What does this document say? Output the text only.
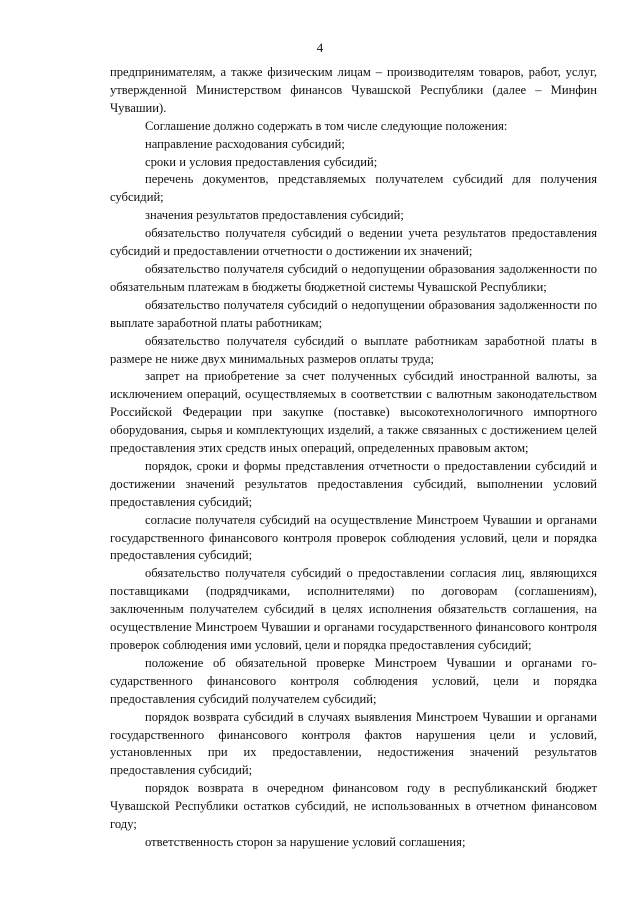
4

предпринимателям, а также физическим лицам – производителям товаров, работ, услуг, утвержденной Министерством финансов Чувашской Республики (далее – Минфин Чувашии).

Соглашение должно содержать в том числе следующие положения:

направление расходования субсидий;

сроки и условия предоставления субсидий;

перечень документов, представляемых получателем субсидий для получения субсидий;

значения результатов предоставления субсидий;

обязательство получателя субсидий о ведении учета результатов предоставления субсидий и предоставлении отчетности о достижении их значений;

обязательство получателя субсидий о недопущении образования задолженности по обязательным платежам в бюджеты бюджетной системы Чувашской Республики;

обязательство получателя субсидий о недопущении образования задолженности по выплате заработной платы работникам;

обязательство получателя субсидий о выплате работникам заработной платы в размере не ниже двух минимальных размеров оплаты труда;

запрет на приобретение за счет полученных субсидий иностранной валюты, за исключением операций, осуществляемых в соответствии с валютным законодательством Российской Федерации при закупке (поставке) высокотехнологичного импортного оборудования, сырья и комплектующих изделий, а также связанных с достижением целей предоставления этих средств иных операций, определенных правовым актом;

порядок, сроки и формы представления отчетности о предоставлении субсидий и достижении значений результатов предоставления субсидий, выполнении условий предоставления субсидий;

согласие получателя субсидий на осуществление Минстроем Чувашии и органами государственного финансового контроля проверок соблюдения условий, цели и порядка предоставления субсидий;

обязательство получателя субсидий о предоставлении согласия лиц, являющихся поставщиками (подрядчиками, исполнителями) по договорам (соглашениям), заключенным получателем субсидий в целях исполнения обязательств соглашения, на осуществление Минстроем Чувашии и органами государственного финансового контроля проверок соблюдения ими условий, цели и порядка предоставления субсидий;

положение об обязательной проверке Минстроем Чувашии и органами государственного финансового контроля соблюдения условий, цели и порядка предоставления субсидий получателем субсидий;

порядок возврата субсидий в случаях выявления Минстроем Чувашии и органами государственного финансового контроля фактов нарушения цели и условий, установленных при их предоставлении, недостижения значений результатов предоставления субсидий;

порядок возврата в очередном финансовом году в республиканский бюджет Чувашской Республики остатков субсидий, не использованных в отчетном финансовом году;

ответственность сторон за нарушение условий соглашения;
